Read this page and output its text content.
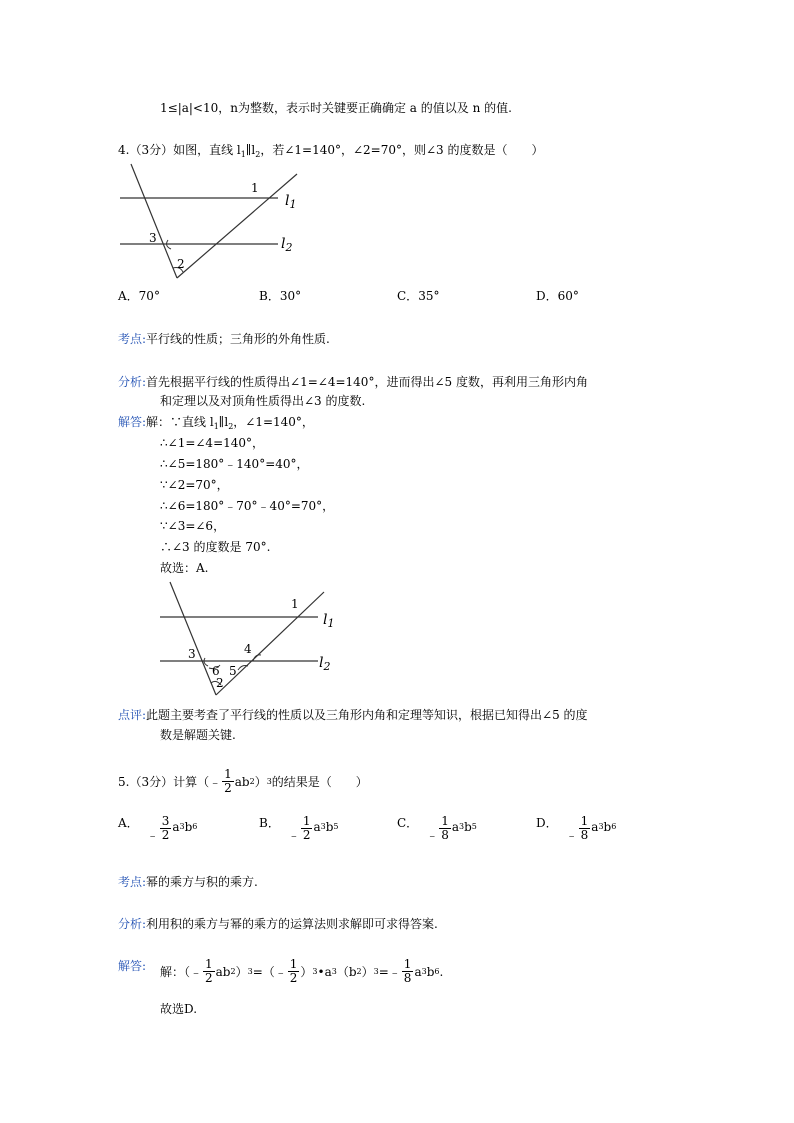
1≤|a|<10，n为整数，表示时关键要正确确定 a 的值以及 n 的值.
4.（3分）如图，直线 $l_1\parallel l_2$，若∠1=140°，∠2=70°，则∠3 的度数是（　　）
1
3
2
$l_1$
$l_2$
A．70°	B．30°	C．35°	D．60°
考点:平行线的性质；三角形的外角性质.
分析:首先根据平行线的性质得出∠1=∠4=140°，进而得出∠5 度数，再利用三角形内角
和定理以及对顶角性质得出∠3 的度数.
解答:解：∵直线 $l_1\parallel l_2$，∠1=140°，
∴∠1=∠4=140°，
∴∠5=180°﹣140°=40°，
∵∠2=70°，
∴∠6=180°﹣70°﹣40°=70°，
∵∠3=∠6，
∴∠3 的度数是 70°.
故选：A.
1
3	4
6 5
2
$l_1$
$l_2$
点评:此题主要考查了平行线的性质以及三角形内角和定理等知识，根据已知得出∠5 的度
数是解题关键.
5. （3分） 计算（﹣ $\frac{1}{2}$ ab 2 ） 3 的结果是（　　）
A．
﹣ $\frac{3}{2}$ a 3 b 6	B．
﹣ $\frac{1}{2}$ a 3 b 5	C．
﹣ $\frac{1}{8}$ a 3 b 5	D．
﹣ $\frac{1}{8}$ a 3 b 6
考点:幂的乘方与积的乘方.
分析:利用积的乘方与幂的乘方的运算法则求解即可求得答案.
解答: 解：（﹣ $\frac{1}{2}$ ab 2 ） 3 =（﹣ $\frac{1}{2}$ ） 3 •a 3 （b 2 ） 3 =﹣ $\frac{1}{8}$ a 3 b 6 .
故选D.
